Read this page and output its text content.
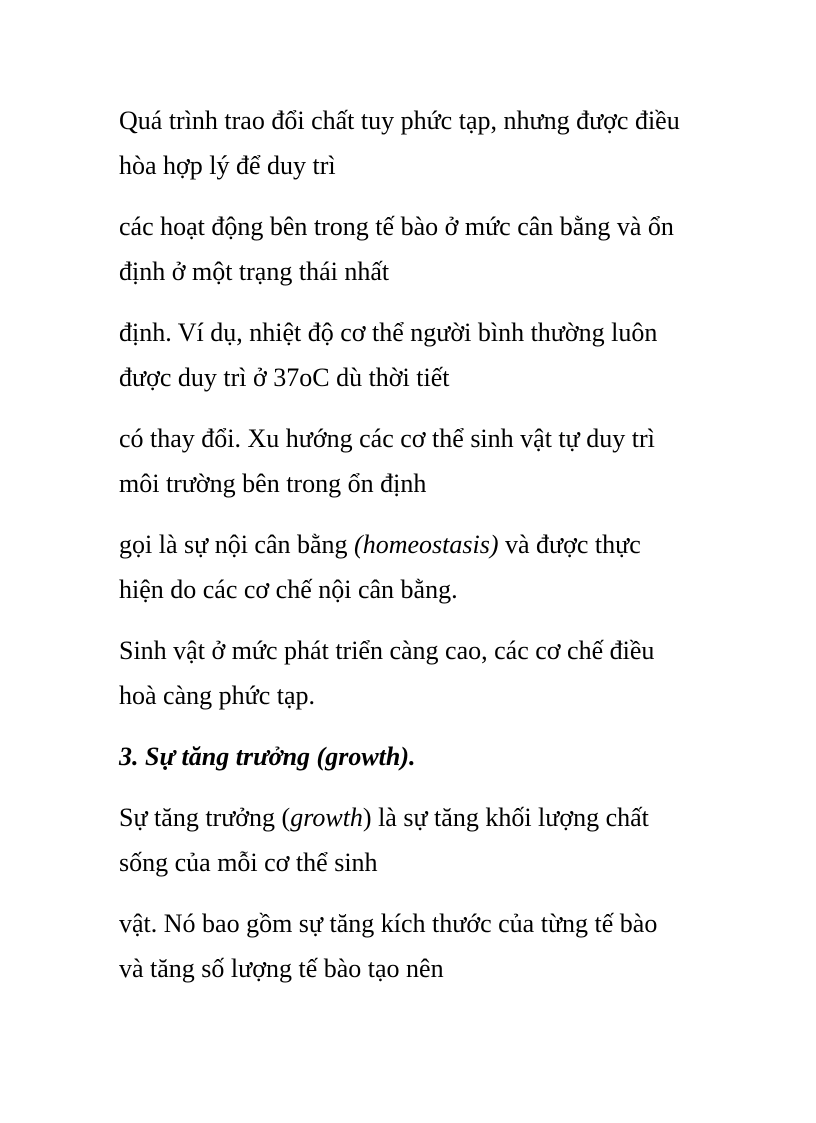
Quá trình trao đổi chất tuy phức tạp, nhưng được điều
hòa hợp lý để duy trì

các hoạt động bên trong tế bào ở mức cân bằng và ổn
định ở một trạng thái nhất

định. Ví dụ, nhiệt độ cơ thể người bình thường luôn
được duy trì ở 37oC dù thời tiết

có thay đổi. Xu hướng các cơ thể sinh vật tự duy trì
môi trường bên trong ổn định

gọi là sự nội cân bằng (homeostasis) và được thực
hiện do các cơ chế nội cân bằng.

Sinh vật ở mức phát triển càng cao, các cơ chế điều
hoà càng phức tạp.

3. Sự tăng trưởng (growth).

Sự tăng trưởng (growth) là sự tăng khối lượng chất
sống của mỗi cơ thể sinh

vật. Nó bao gồm sự tăng kích thước của từng tế bào
và tăng số lượng tế bào tạo nên
